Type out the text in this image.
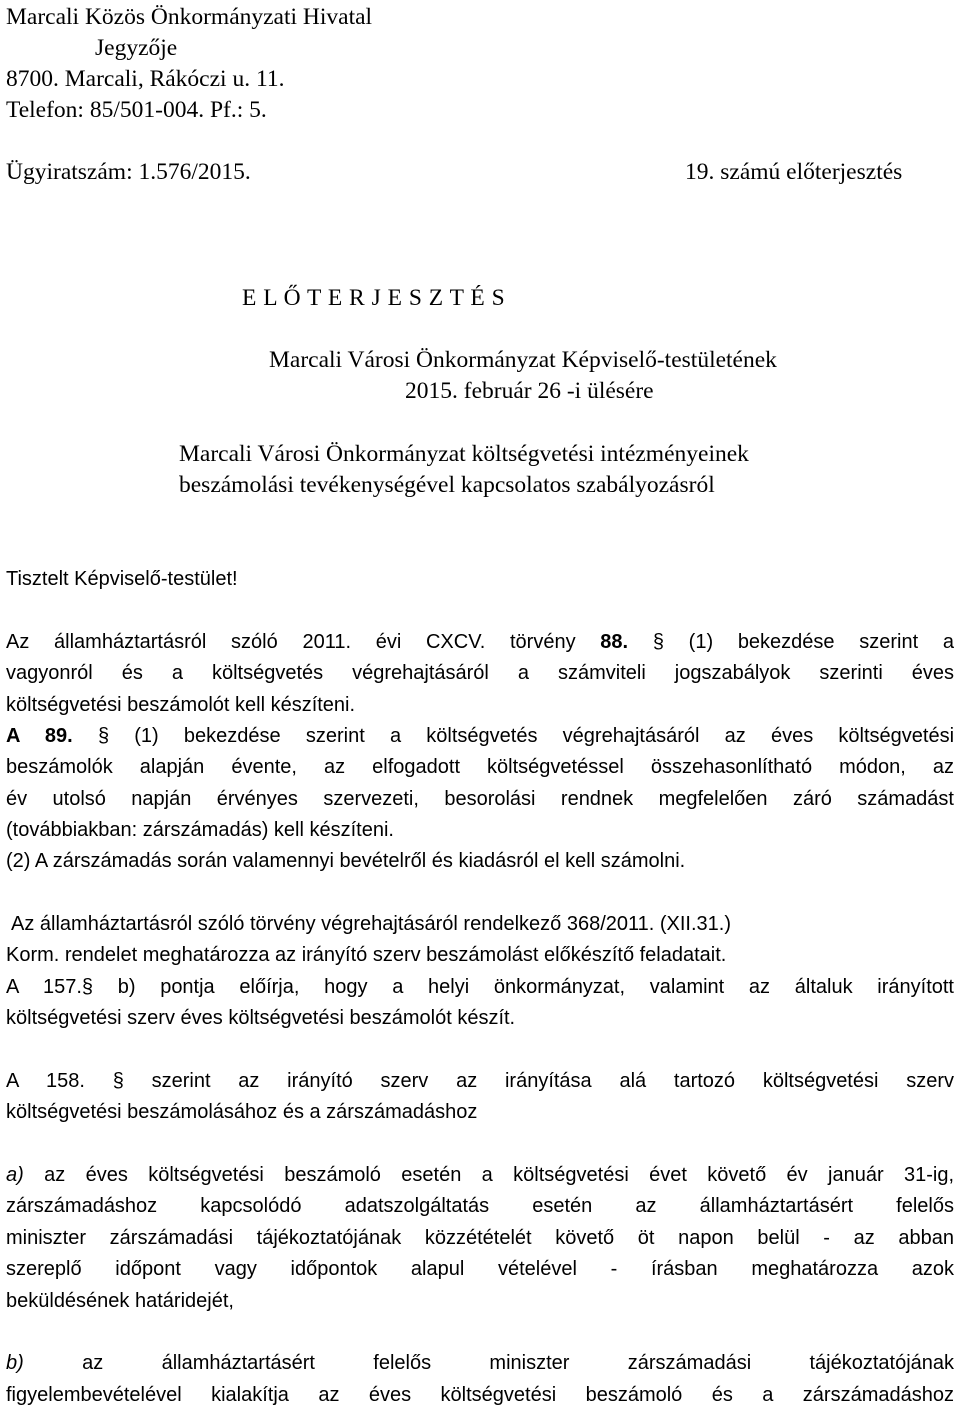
Marcali Közös Önkormányzati Hivatal
Jegyzője
8700. Marcali, Rákóczi u. 11.
Telefon: 85/501-004. Pf.: 5.
Ügyiratszám: 1.576/2015.	19. számú előterjesztés
E L Ő T E R J E S Z T É S
Marcali Városi Önkormányzat Képviselő-testületének
2015. február 26 -i ülésére
Marcali Városi Önkormányzat költségvetési intézményeinek
beszámolási tevékenységével kapcsolatos szabályozásról
Tisztelt Képviselő-testület!
Az államháztartásról szóló 2011. évi CXCV. törvény 88. § (1) bekezdése szerint a
vagyonról és a költségvetés végrehajtásáról a számviteli jogszabályok szerinti éves
költségvetési beszámolót kell készíteni.
A 89. § (1) bekezdése szerint a költségvetés végrehajtásáról az éves költségvetési
beszámolók alapján évente, az elfogadott költségvetéssel összehasonlítható módon, az
év utolsó napján érvényes szervezeti, besorolási rendnek megfelelően záró számadást
(továbbiakban: zárszámadás) kell készíteni.
(2) A zárszámadás során valamennyi bevételről és kiadásról el kell számolni.
Az államháztartásról szóló törvény végrehajtásáról rendelkező 368/2011. (XII.31.)
Korm. rendelet meghatározza az irányító szerv beszámolást előkészítő feladatait.
A 157.§ b) pontja előírja, hogy a helyi önkormányzat, valamint az általuk irányított
költségvetési szerv éves költségvetési beszámolót készít.
A 158. § szerint az irányító szerv az irányítása alá tartozó költségvetési szerv
költségvetési beszámolásához és a zárszámadáshoz
a) az éves költségvetési beszámoló esetén a költségvetési évet követő év január 31-ig,
zárszámadáshoz kapcsolódó adatszolgáltatás esetén az államháztartásért felelős
miniszter zárszámadási tájékoztatójának közzétételét követő öt napon belül - az abban
szereplő időpont vagy időpontok alapul vételével - írásban meghatározza azok
beküldésének határidejét,
b)	az államháztartásért felelős miniszter zárszámadási tájékoztatójának
figyelembevételével kialakítja az éves költségvetési beszámoló és a zárszámadáshoz
